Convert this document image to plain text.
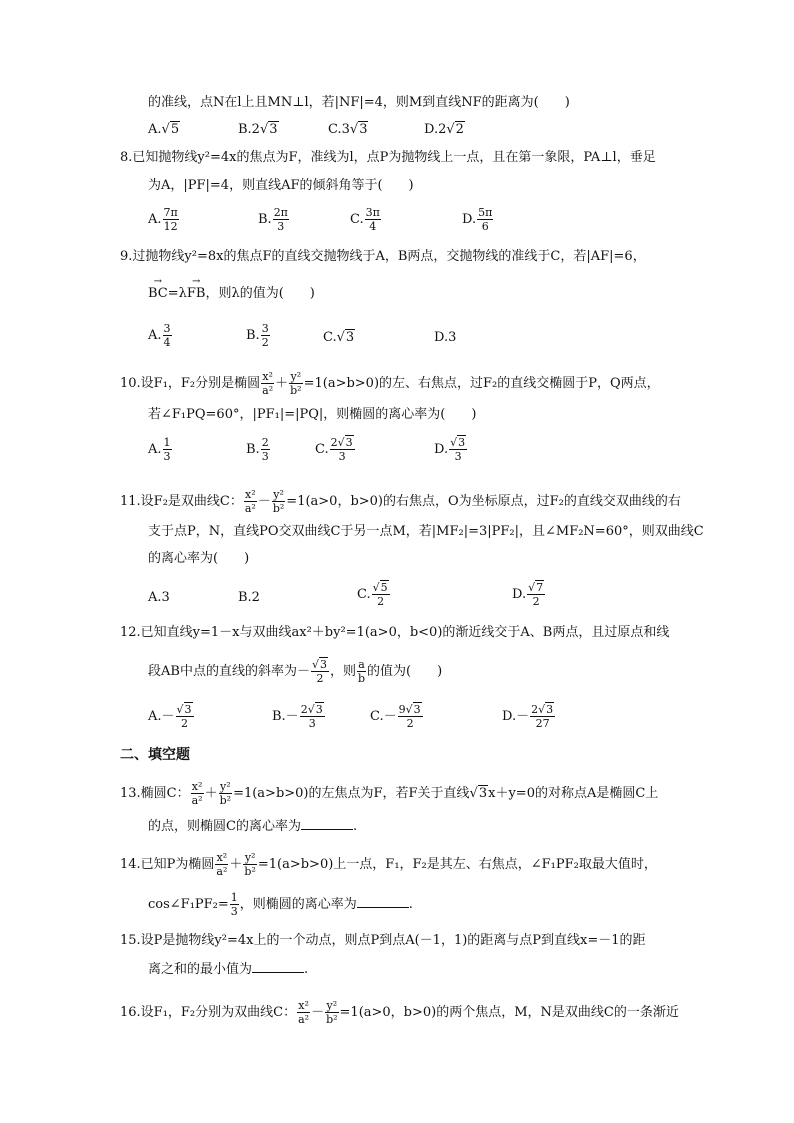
的准线，点N在l上且MN⊥l，若|NF|=4，则M到直线NF的距离为(　　)
A.√5	B.2√3	C.3√3	D.2√2
8.已知抛物线y²=4x的焦点为F，准线为l，点P为抛物线上一点，且在第一象限，PA⊥l，垂足
为A，|PF|=4，则直线AF的倾斜角等于(　　)
A. $\frac{7\pi}{12}$	B. $\frac{2\pi}{3}$	C. $\frac{3\pi}{4}$	D. $\frac{5\pi}{6}$
9.过抛物线y²=8x的焦点F的直线交抛物线于A，B两点，交抛物线的准线于C，若|AF|=6，
→ BC=λ→ FB，则λ的值为(　　)
A. $\frac{3}{4}$	B. $\frac{3}{2}$	C.√3	D.3
10.设F₁，F₂分别是椭圆 $\frac{\text{x²}}{\text{a²}} + \frac{\text{y²}}{\text{b²}} =1(a>b>0)$的左、右焦点，过F₂的直线交椭圆于P，Q两点，
若∠F₁PQ=60°，|PF₁|=|PQ|，则椭圆的离心率为(　　)
A. $\frac{1}{3}$	B. $\frac{2}{3}$	C. $\frac{2√3}{3}$	D. $\frac{√3}{3}$
11.设F₂是双曲线C： $\frac{\text{x²}}{\text{a²}} - \frac{\text{y²}}{\text{b²}} =1(a>0$，b>0)的右焦点，O为坐标原点，过F₂的直线交双曲线的右
支于点P，N，直线PO交双曲线C于另一点M，若|MF₂|=3|PF₂|，且∠MF₂N=60°，则双曲线C
的离心率为(　　)
A.3	B.2	C. $\frac{√5}{2}$	D. $\frac{√7}{2}$
12.已知直线y=1－x与双曲线ax²＋by²=1(a>0，b<0)的渐近线交于A、B两点，且过原点和线
段AB中点的直线的斜率为－ $\frac{√3}{2}$ ，则 $\frac{a}{b}$ 的值为(　　)
$A.- \frac{√3}{2}$	$B.- \frac{2√3}{3}$	$C.- \frac{9√3}{2}$	$D.- \frac{2√3}{27}$
二、填空题
13.椭圆C： $\frac{\text{x²}}{\text{a²}} + \frac{\text{y²}}{\text{b²}} =1(a>b>0)$的左焦点为F，若F关于直线√3x＋y=0的对称点A是椭圆C上
的点，则椭圆C的离心率为	.
14.已知P为椭圆 $\frac{\text{x²}}{\text{a²}} + \frac{\text{y²}}{\text{b²}} =1(a>b>0)$上一点，F₁，F₂是其左、右焦点，∠F₁PF₂取最大值时，
cos∠F₁PF₂= $\frac{1}{3}$ ，则椭圆的离心率为	.
15.设P是抛物线y²=4x上的一个动点，则点P到点A(－1，1)的距离与点P到直线x=－1的距
离之和的最小值为	.
16.设F₁，F₂分别为双曲线C： $\frac{\text{x²}}{\text{a²}} - \frac{\text{y²}}{\text{b²}} =1(a>0$，b>0)的两个焦点，M，N是双曲线C的一条渐近
